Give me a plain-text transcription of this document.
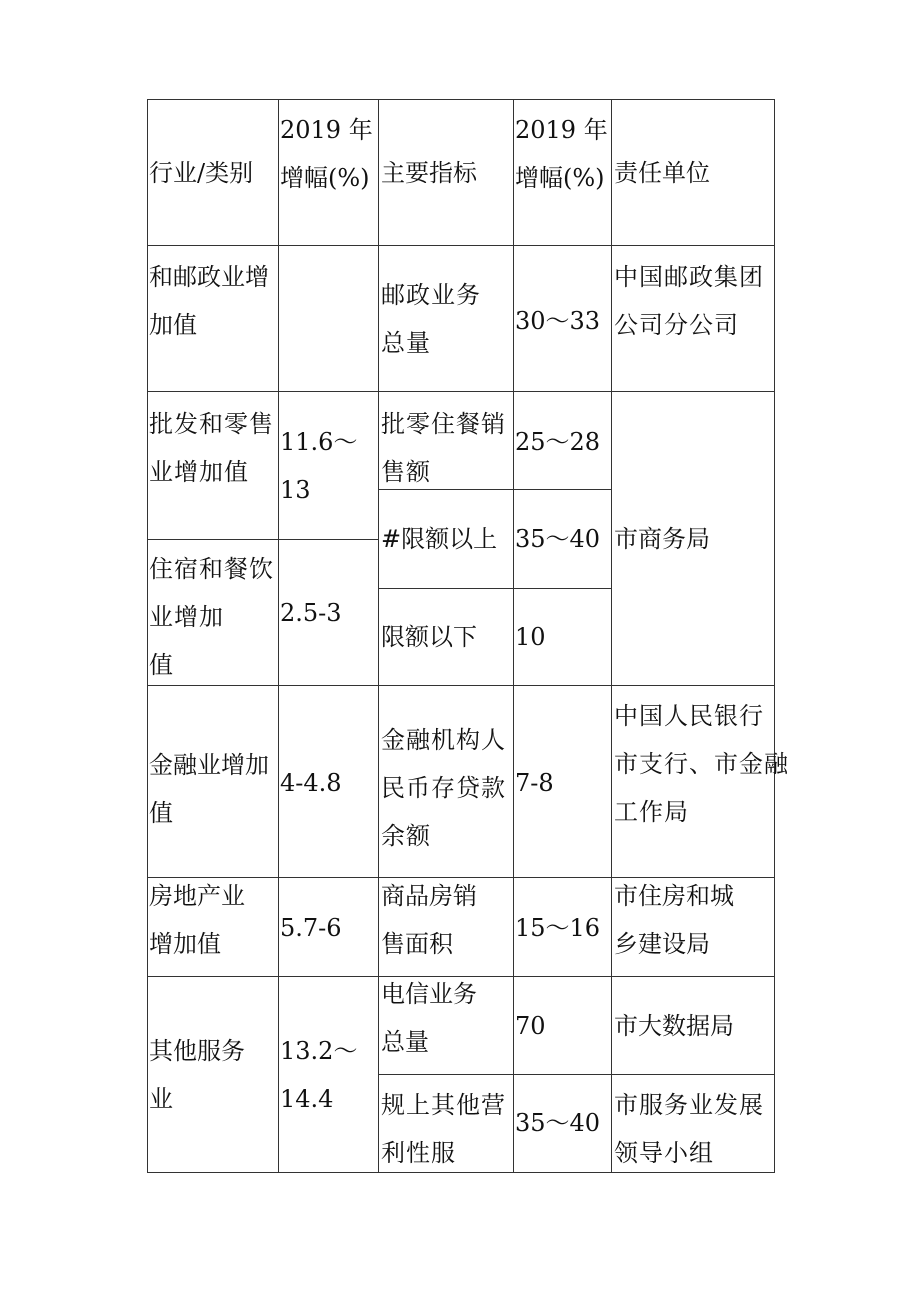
行业/类别
2019 年
增幅(%) 主要指标
2019 年
增幅(%) 责任单位
和邮政业增
加值
邮政业务
总量
30～33
中国邮政集团
公司分公司
批发和零售
业增加值
11.6～
13
批零住餐销
售额
25～28
#限额以上 35～40
住宿和餐饮
业增加
值
2.5-3
限额以下 10
市商务局
金融业增加
值
4-4.8
金融机构人
民币存贷款
余额
7-8
中国人民银行
市支行、市金融
工作局
房地产业
增加值
5.7-6
商品房销
售面积
15～16
市住房和城
乡建设局
其他服务
业
13.2～
14.4
电信业务
总量
70	市大数据局
规上其他营
利性服
35～40
市服务业发展
领导小组
